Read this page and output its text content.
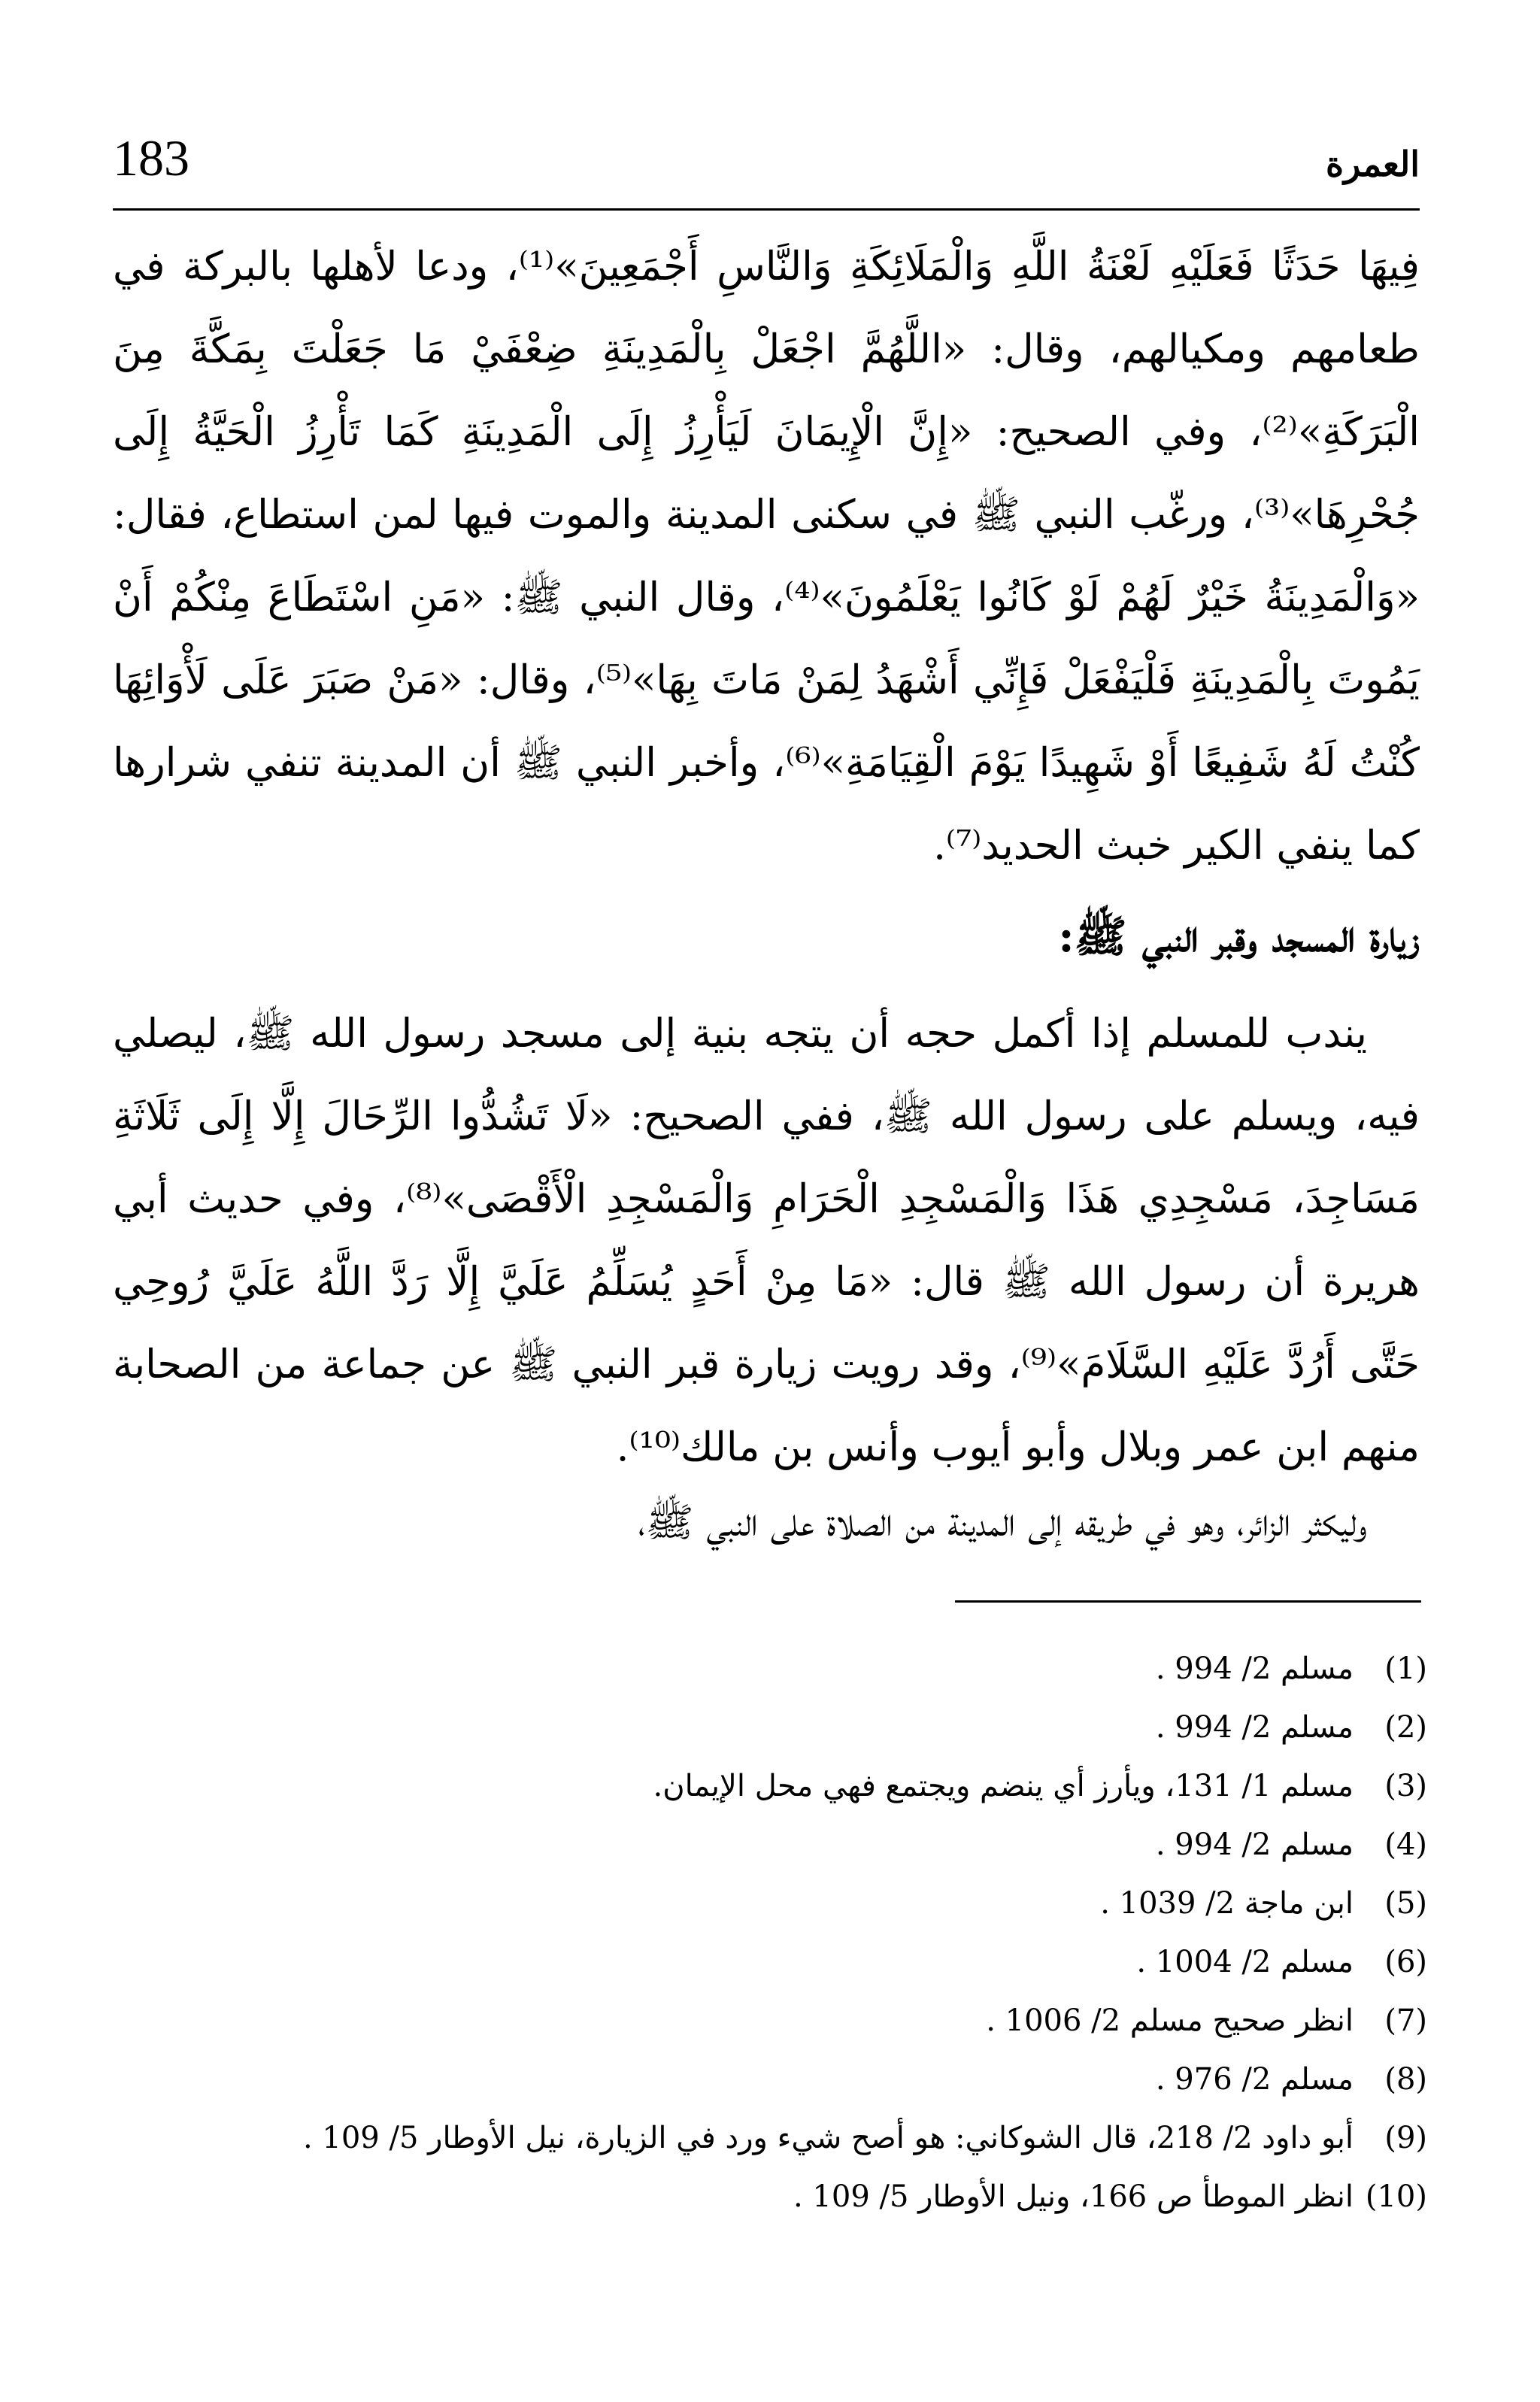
183	العمرة

فِيهَا حَدَثًا فَعَلَيْهِ لَعْنَةُ اللَّهِ وَالْمَلَائِكَةِ وَالنَّاسِ أَجْمَعِينَ»⁽¹⁾، ودعا لأهلها بالبركة في طعامهم ومكيالهم، وقال: «اللَّهُمَّ اجْعَلْ بِالْمَدِينَةِ ضِعْفَيْ مَا جَعَلْتَ بِمَكَّةَ مِنَ الْبَرَكَةِ»⁽²⁾، وفي الصحيح: «إِنَّ الْإِيمَانَ لَيَأْرِزُ إِلَى الْمَدِينَةِ كَمَا تَأْرِزُ الْحَيَّةُ إِلَى جُحْرِهَا»⁽³⁾، ورغّب النبي ﷺ في سكنى المدينة والموت فيها لمن استطاع، فقال: «وَالْمَدِينَةُ خَيْرٌ لَهُمْ لَوْ كَانُوا يَعْلَمُونَ»⁽⁴⁾، وقال النبي ﷺ: «مَنِ اسْتَطَاعَ مِنْكُمْ أَنْ يَمُوتَ بِالْمَدِينَةِ فَلْيَفْعَلْ فَإِنِّي أَشْهَدُ لِمَنْ مَاتَ بِهَا»⁽⁵⁾، وقال: «مَنْ صَبَرَ عَلَى لَأْوَائِهَا كُنْتُ لَهُ شَفِيعًا أَوْ شَهِيدًا يَوْمَ الْقِيَامَةِ»⁽⁶⁾، وأخبر النبي ﷺ أن المدينة تنفي شرارها كما ينفي الكير خبث الحديد⁽⁷⁾.

زيارة المسجد وقبر النبي ﷺ:

يندب للمسلم إذا أكمل حجه أن يتجه بنية إلى مسجد رسول الله ﷺ، ليصلي فيه، ويسلم على رسول الله ﷺ، ففي الصحيح: «لَا تَشُدُّوا الرِّحَالَ إِلَّا إِلَى ثَلَاثَةِ مَسَاجِدَ، مَسْجِدِي هَذَا وَالْمَسْجِدِ الْحَرَامِ وَالْمَسْجِدِ الْأَقْصَى»⁽⁸⁾، وفي حديث أبي هريرة أن رسول الله ﷺ قال: «مَا مِنْ أَحَدٍ يُسَلِّمُ عَلَيَّ إِلَّا رَدَّ اللَّهُ عَلَيَّ رُوحِي حَتَّى أَرُدَّ عَلَيْهِ السَّلَامَ»⁽⁹⁾، وقد رويت زيارة قبر النبي ﷺ عن جماعة من الصحابة منهم ابن عمر وبلال وأبو أيوب وأنس بن مالك⁽¹⁰⁾.

وليكثر الزائر، وهو في طريقه إلى المدينة من الصلاة على النبي ﷺ،

(1)
مسلم 2/ 994 .
(2)
مسلم 2/ 994 .
(3)
مسلم 1/ 131، ويأرز أي ينضم ويجتمع فهي محل الإيمان.
(4)
مسلم 2/ 994 .
(5)
ابن ماجة 2/ 1039 .
(6)
مسلم 2/ 1004 .
(7)
انظر صحيح مسلم 2/ 1006 .
(8)
مسلم 2/ 976 .
(9)
أبو داود 2/ 218، قال الشوكاني: هو أصح شيء ورد في الزيارة، نيل الأوطار 5/ 109 .
(10)
انظر الموطأ ص 166، ونيل الأوطار 5/ 109 .
